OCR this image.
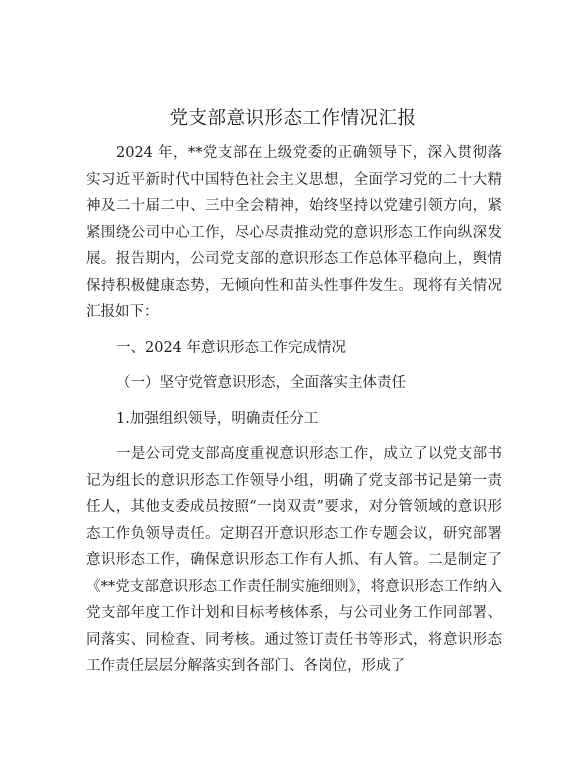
党支部意识形态工作情况汇报

2024 年，**党支部在上级党委的正确领导下，深入贯彻落实习近平新时代中国特色社会主义思想，全面学习党的二十大精神及二十届二中、三中全会精神，始终坚持以党建引领方向，紧紧围绕公司中心工作，尽心尽责推动党的意识形态工作向纵深发展。报告期内，公司党支部的意识形态工作总体平稳向上，舆情保持积极健康态势，无倾向性和苗头性事件发生。现将有关情况汇报如下：

一、2024 年意识形态工作完成情况

（一）坚守党管意识形态，全面落实主体责任

1.加强组织领导，明确责任分工

一是公司党支部高度重视意识形态工作，成立了以党支部书记为组长的意识形态工作领导小组，明确了党支部书记是第一责任人，其他支委成员按照“一岗双责”要求，对分管领域的意识形态工作负领导责任。定期召开意识形态工作专题会议，研究部署意识形态工作，确保意识形态工作有人抓、有人管。二是制定了《**党支部意识形态工作责任制实施细则》，将意识形态工作纳入党支部年度工作计划和目标考核体系，与公司业务工作同部署、同落实、同检查、同考核。通过签订责任书等形式，将意识形态工作责任层层分解落实到各部门、各岗位，形成了
